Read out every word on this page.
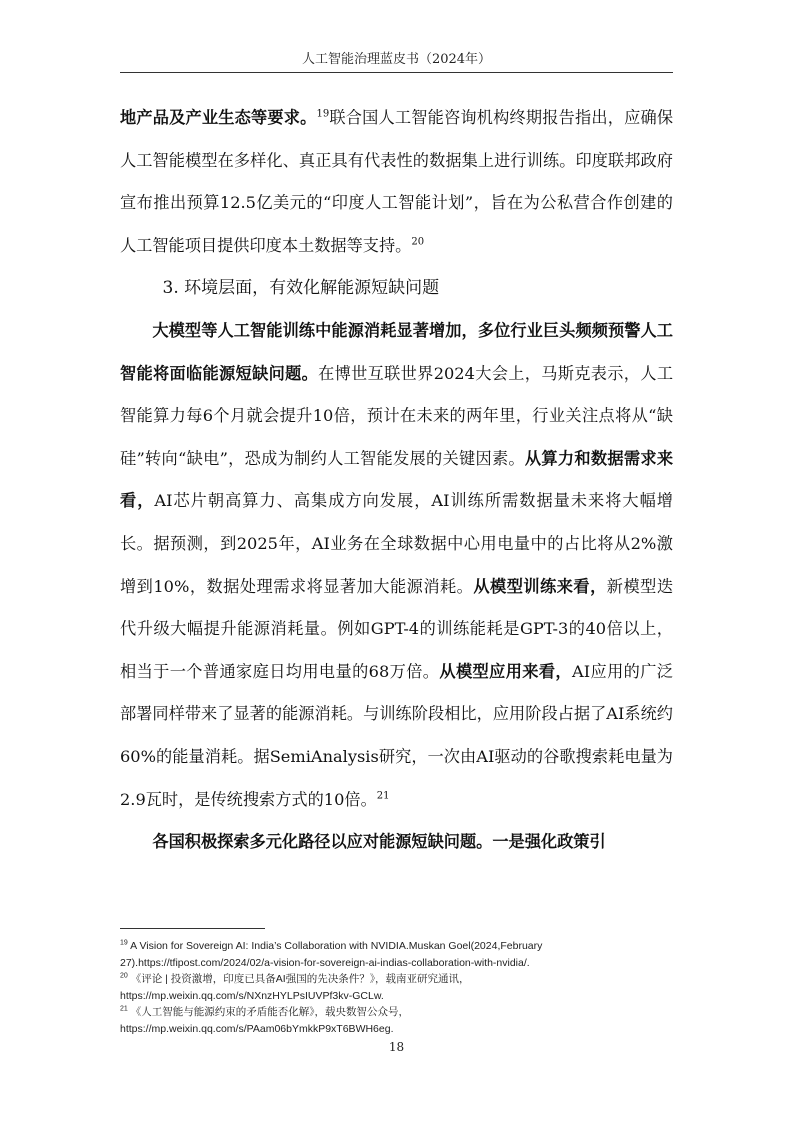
人工智能治理蓝皮书（2024年）

地产品及产业生态等要求。$^{19}$联合国人工智能咨询机构终期报告指出，应确保人工智能模型在多样化、真正具有代表性的数据集上进行训练。印度联邦政府宣布推出预算12.5亿美元的“印度人工智能计划”，旨在为公私营合作创建的人工智能项目提供印度本土数据等支持。$^{20}$

3. 环境层面，有效化解能源短缺问题

大模型等人工智能训练中能源消耗显著增加，多位行业巨头频频预警人工智能将面临能源短缺问题。在博世互联世界2024大会上，马斯克表示，人工智能算力每6个月就会提升10倍，预计在未来的两年里，行业关注点将从“缺硅”转向“缺电”，恐成为制约人工智能发展的关键因素。从算力和数据需求来看，AI芯片朝高算力、高集成方向发展，AI训练所需数据量未来将大幅增长。据预测，到2025年，AI业务在全球数据中心用电量中的占比将从2%激增到10%，数据处理需求将显著加大能源消耗。从模型训练来看，新模型迭代升级大幅提升能源消耗量。例如GPT-4的训练能耗是GPT-3的40倍以上，相当于一个普通家庭日均用电量的68万倍。从模型应用来看，AI应用的广泛部署同样带来了显著的能源消耗。与训练阶段相比，应用阶段占据了AI系统约60%的能量消耗。据SemiAnalysis研究，一次由AI驱动的谷歌搜索耗电量为2.9瓦时，是传统搜索方式的10倍。$^{21}$

各国积极探索多元化路径以应对能源短缺问题。一是强化政策引

$^{19}$ A Vision for Sovereign AI: India’s Collaboration with NVIDIA.Muskan Goel(2024,February
27).https://tfipost.com/2024/02/a-vision-for-sovereign-ai-indias-collaboration-with-nvidia/.

$^{20}$ 《评论 | 投资激增，印度已具备AI强国的先决条件？》，载南亚研究通讯，
https://mp.weixin.qq.com/s/NXnzHYLPsIUVPf3kv-GCLw.

$^{21}$ 《人工智能与能源约束的矛盾能否化解》，载央数智公众号，
https://mp.weixin.qq.com/s/PAam06bYmkkP9xT6BWH6eg.

18
